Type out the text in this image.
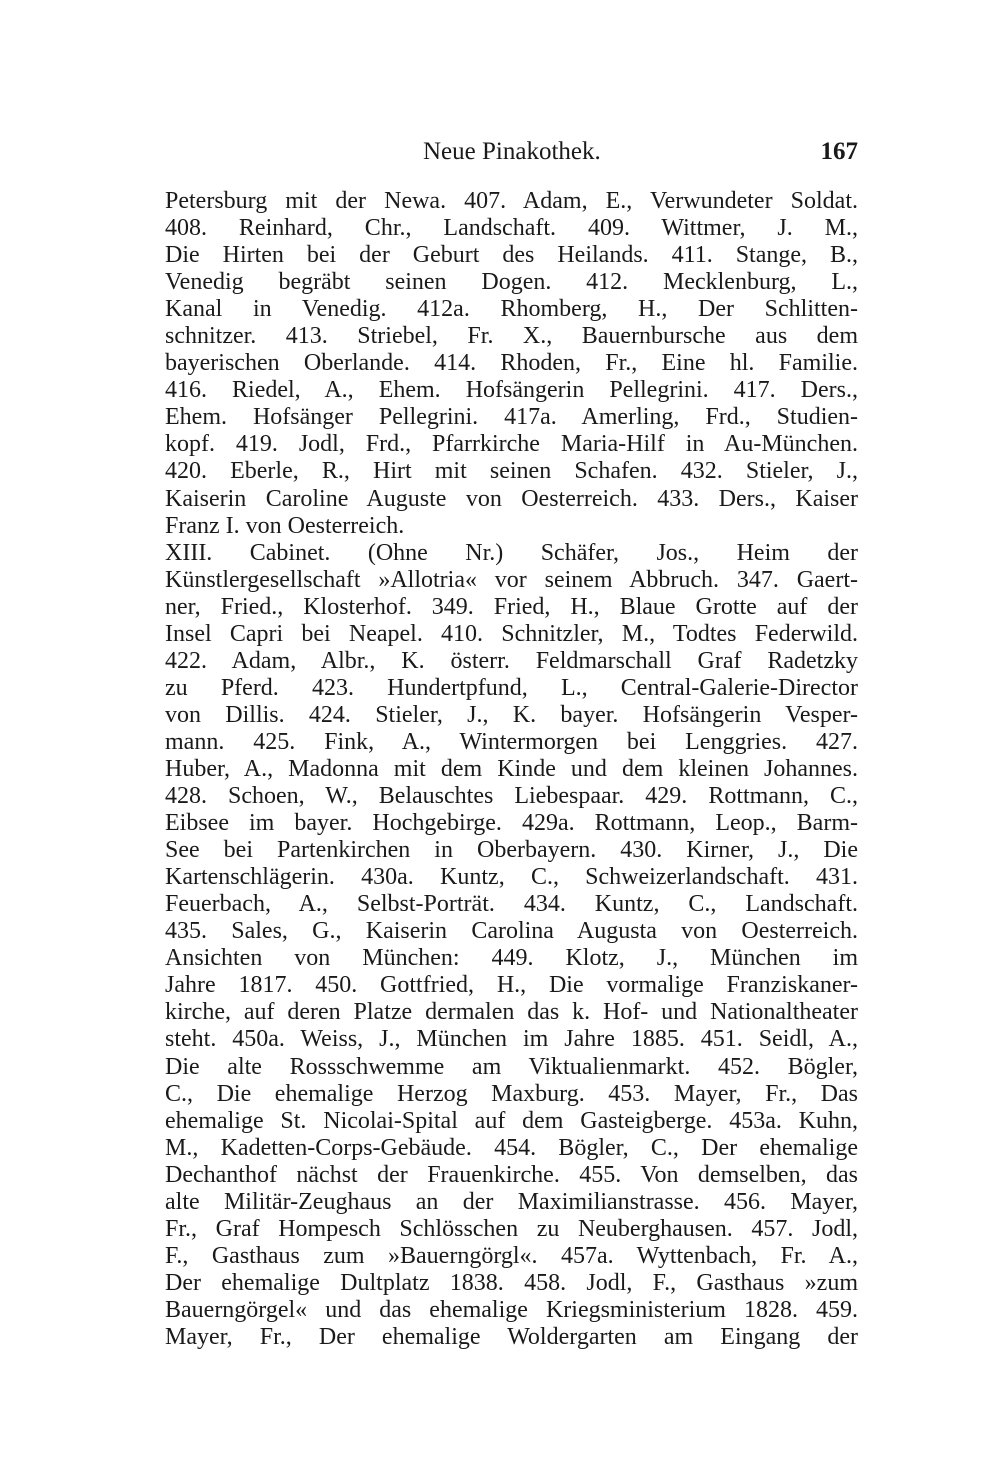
Neue Pinakothek.	167
Petersburg mit der Newa. 407. Adam, E., Verwundeter Soldat.
408. Reinhard, Chr., Landschaft. 409. Wittmer, J. M.,
Die Hirten bei der Geburt des Heilands. 411. Stange, B.,
Venedig begräbt seinen Dogen. 412. Mecklenburg, L.,
Kanal in Venedig. 412a. Rhomberg, H., Der Schlitten-
schnitzer. 413. Striebel, Fr. X., Bauernbursche aus dem
bayerischen Oberlande. 414. Rhoden, Fr., Eine hl. Familie.
416. Riedel, A., Ehem. Hofsängerin Pellegrini. 417. Ders.,
Ehem. Hofsänger Pellegrini. 417a. Amerling, Frd., Studien-
kopf. 419. Jodl, Frd., Pfarrkirche Maria-Hilf in Au-München.
420. Eberle, R., Hirt mit seinen Schafen. 432. Stieler, J.,
Kaiserin Caroline Auguste von Oesterreich. 433. Ders., Kaiser
Franz I. von Oesterreich.
XIII. Cabinet. (Ohne Nr.) Schäfer, Jos., Heim der
Künstlergesellschaft »Allotria« vor seinem Abbruch. 347. Gaert-
ner, Fried., Klosterhof. 349. Fried, H., Blaue Grotte auf der
Insel Capri bei Neapel. 410. Schnitzler, M., Todtes Federwild.
422. Adam, Albr., K. österr. Feldmarschall Graf Radetzky
zu Pferd. 423. Hundertpfund, L., Central-Galerie-Director
von Dillis. 424. Stieler, J., K. bayer. Hofsängerin Vesper-
mann. 425. Fink, A., Wintermorgen bei Lenggries. 427.
Huber, A., Madonna mit dem Kinde und dem kleinen Johannes.
428. Schoen, W., Belauschtes Liebespaar. 429. Rottmann, C.,
Eibsee im bayer. Hochgebirge. 429a. Rottmann, Leop., Barm-
See bei Partenkirchen in Oberbayern. 430. Kirner, J., Die
Kartenschlägerin. 430a. Kuntz, C., Schweizerlandschaft. 431.
Feuerbach, A., Selbst-Porträt. 434. Kuntz, C., Landschaft.
435. Sales, G., Kaiserin Carolina Augusta von Oesterreich.
Ansichten von München: 449. Klotz, J., München im
Jahre 1817. 450. Gottfried, H., Die vormalige Franziskaner-
kirche, auf deren Platze dermalen das k. Hof- und Nationaltheater
steht. 450a. Weiss, J., München im Jahre 1885. 451. Seidl, A.,
Die alte Rossschwemme am Viktualienmarkt. 452. Bögler,
C., Die ehemalige Herzog Maxburg. 453. Mayer, Fr., Das
ehemalige St. Nicolai-Spital auf dem Gasteigberge. 453a. Kuhn,
M., Kadetten-Corps-Gebäude. 454. Bögler, C., Der ehemalige
Dechanthof nächst der Frauenkirche. 455. Von demselben, das
alte Militär-Zeughaus an der Maximilianstrasse. 456. Mayer,
Fr., Graf Hompesch Schlösschen zu Neuberghausen. 457. Jodl,
F., Gasthaus zum »Bauerngörgl«. 457a. Wyttenbach, Fr. A.,
Der ehemalige Dultplatz 1838. 458. Jodl, F., Gasthaus »zum
Bauerngörgel« und das ehemalige Kriegsministerium 1828. 459.
Mayer, Fr., Der ehemalige Woldergarten am Eingang der
